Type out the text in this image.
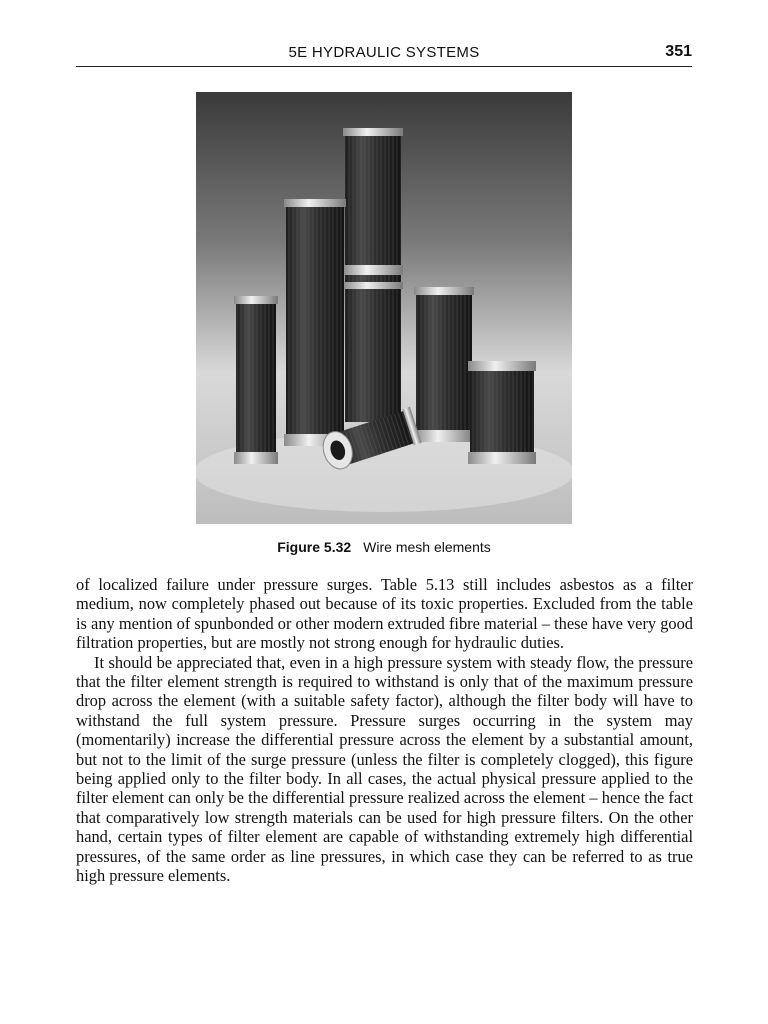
5E HYDRAULIC SYSTEMS	351
Figure 5.32 Wire mesh elements

of localized failure under pressure surges. Table 5.13 still includes asbestos as a filter medium, now completely phased out because of its toxic properties. Excluded from the table is any mention of spunbonded or other modern extruded fibre material – these have very good filtration properties, but are mostly not strong enough for hydraulic duties.

It should be appreciated that, even in a high pressure system with steady flow, the pressure that the filter element strength is required to withstand is only that of the maximum pressure drop across the element (with a suitable safety factor), although the filter body will have to withstand the full system pressure. Pressure surges occurring in the system may (momentarily) increase the differential pressure across the element by a substantial amount, but not to the limit of the surge pressure (unless the filter is completely clogged), this figure being applied only to the filter body. In all cases, the actual physical pressure applied to the filter element can only be the differential pressure realized across the element – hence the fact that comparatively low strength materials can be used for high pressure filters. On the other hand, certain types of filter element are capable of withstanding extremely high differential pressures, of the same order as line pressures, in which case they can be referred to as true high pressure elements.
